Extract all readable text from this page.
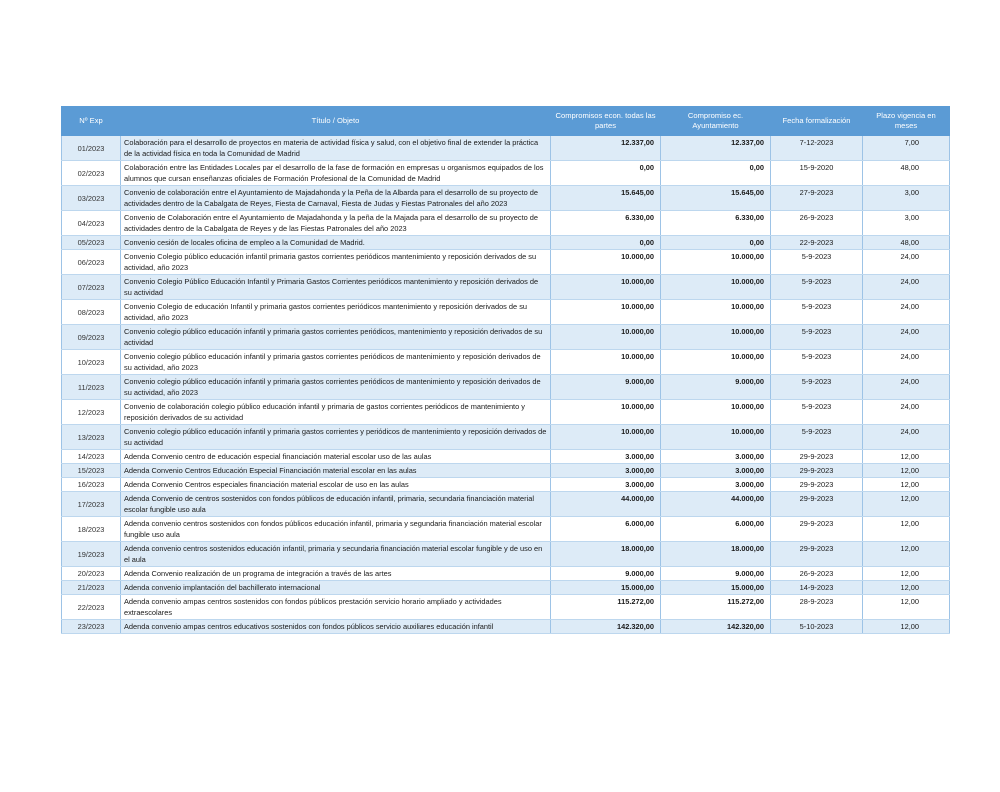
Nº Exp	Título / Objeto	Compromisos econ. todas las partes	Compromiso ec. Ayuntamiento	Fecha formalización	Plazo vigencia en meses
01/2023	Colaboración para el desarrollo de proyectos en materia de actividad física y salud, con el objetivo final de extender la práctica de la actividad física en toda la Comunidad de Madrid	12.337,00	12.337,00	7-12-2023	7,00
02/2023	Colaboración entre las Entidades Locales par el desarrollo de la fase de formación en empresas u organismos equipados de los alumnos que cursan enseñanzas oficiales de Formación Profesional de la Comunidad de Madrid	0,00	0,00	15-9-2020	48,00
03/2023	Convenio de colaboración entre el Ayuntamiento de Majadahonda y la Peña de la Albarda para el desarrollo de su proyecto de actividades dentro de la Cabalgata de Reyes, Fiesta de Carnaval, Fiesta de Judas y Fiestas Patronales del año 2023	15.645,00	15.645,00	27-9-2023	3,00
04/2023	Convenio de Colaboración entre el Ayuntamiento de Majadahonda y la peña de la Majada para el desarrollo de su proyecto de actividades dentro de la Cabalgata de Reyes y de las Fiestas Patronales del año 2023	6.330,00	6.330,00	26-9-2023	3,00
05/2023	Convenio cesión de locales oficina de empleo a la Comunidad de Madrid.	0,00	0,00	22-9-2023	48,00
06/2023	Convenio Colegio público educación infantil primaria gastos corrientes periódicos mantenimiento y reposición derivados de su actividad, año 2023	10.000,00	10.000,00	5-9-2023	24,00
07/2023	Convenio Colegio Público Educación Infantil y Primaria Gastos Corrientes periódicos mantenimiento y reposición derivados de su actividad	10.000,00	10.000,00	5-9-2023	24,00
08/2023	Convenio Colegio de educación Infantil y primaria gastos corrientes periódicos mantenimiento y reposición derivados de su actividad, año 2023	10.000,00	10.000,00	5-9-2023	24,00
09/2023	Convenio colegio público educación infantil y primaria gastos corrientes periódicos, mantenimiento y reposición derivados de su actividad	10.000,00	10.000,00	5-9-2023	24,00
10/2023	Convenio colegio público educación infantil y primaria gastos corrientes periódicos de mantenimiento y reposición derivados de su actividad, año 2023	10.000,00	10.000,00	5-9-2023	24,00
11/2023	Convenio colegio público educación infantil y primaria gastos corrientes periódicos de mantenimiento y reposición derivados de su actividad, año 2023	9.000,00	9.000,00	5-9-2023	24,00
12/2023	Convenio de colaboración colegio público educación infantil y primaria de gastos corrientes periódicos de mantenimiento y reposición derivados de su actividad	10.000,00	10.000,00	5-9-2023	24,00
13/2023	Convenio colegio público educación infantil y primaria gastos corrientes y periódicos de mantenimiento y reposición derivados de su actividad	10.000,00	10.000,00	5-9-2023	24,00
14/2023	Adenda Convenio centro de educación especial financiación material escolar uso de las aulas	3.000,00	3.000,00	29-9-2023	12,00
15/2023	Adenda Convenio Centros Educación Especial Financiación material escolar en las aulas	3.000,00	3.000,00	29-9-2023	12,00
16/2023	Adenda Convenio Centros especiales financiación material escolar de uso en las aulas	3.000,00	3.000,00	29-9-2023	12,00
17/2023	Adenda Convenio de centros sostenidos con fondos públicos de educación infantil, primaria, secundaria financiación material escolar fungible uso aula	44.000,00	44.000,00	29-9-2023	12,00
18/2023	Adenda convenio centros sostenidos con fondos públicos educación infantil, primaria y segundaria financiación material escolar fungible uso aula	6.000,00	6.000,00	29-9-2023	12,00
19/2023	Adenda convenio centros sostenidos educación infantil, primaria y secundaria financiación material escolar fungible y de uso en el aula	18.000,00	18.000,00	29-9-2023	12,00
20/2023	Adenda Convenio realización de un programa de integración a través de las artes	9.000,00	9.000,00	26-9-2023	12,00
21/2023	Adenda convenio implantación del bachillerato internacional	15.000,00	15.000,00	14-9-2023	12,00
22/2023	Adenda convenio ampas centros sostenidos con fondos públicos prestación servicio horario ampliado y actividades extraescolares	115.272,00	115.272,00	28-9-2023	12,00
23/2023	Adenda convenio ampas centros educativos sostenidos con fondos públicos servicio auxiliares educación infantil	142.320,00	142.320,00	5-10-2023	12,00
